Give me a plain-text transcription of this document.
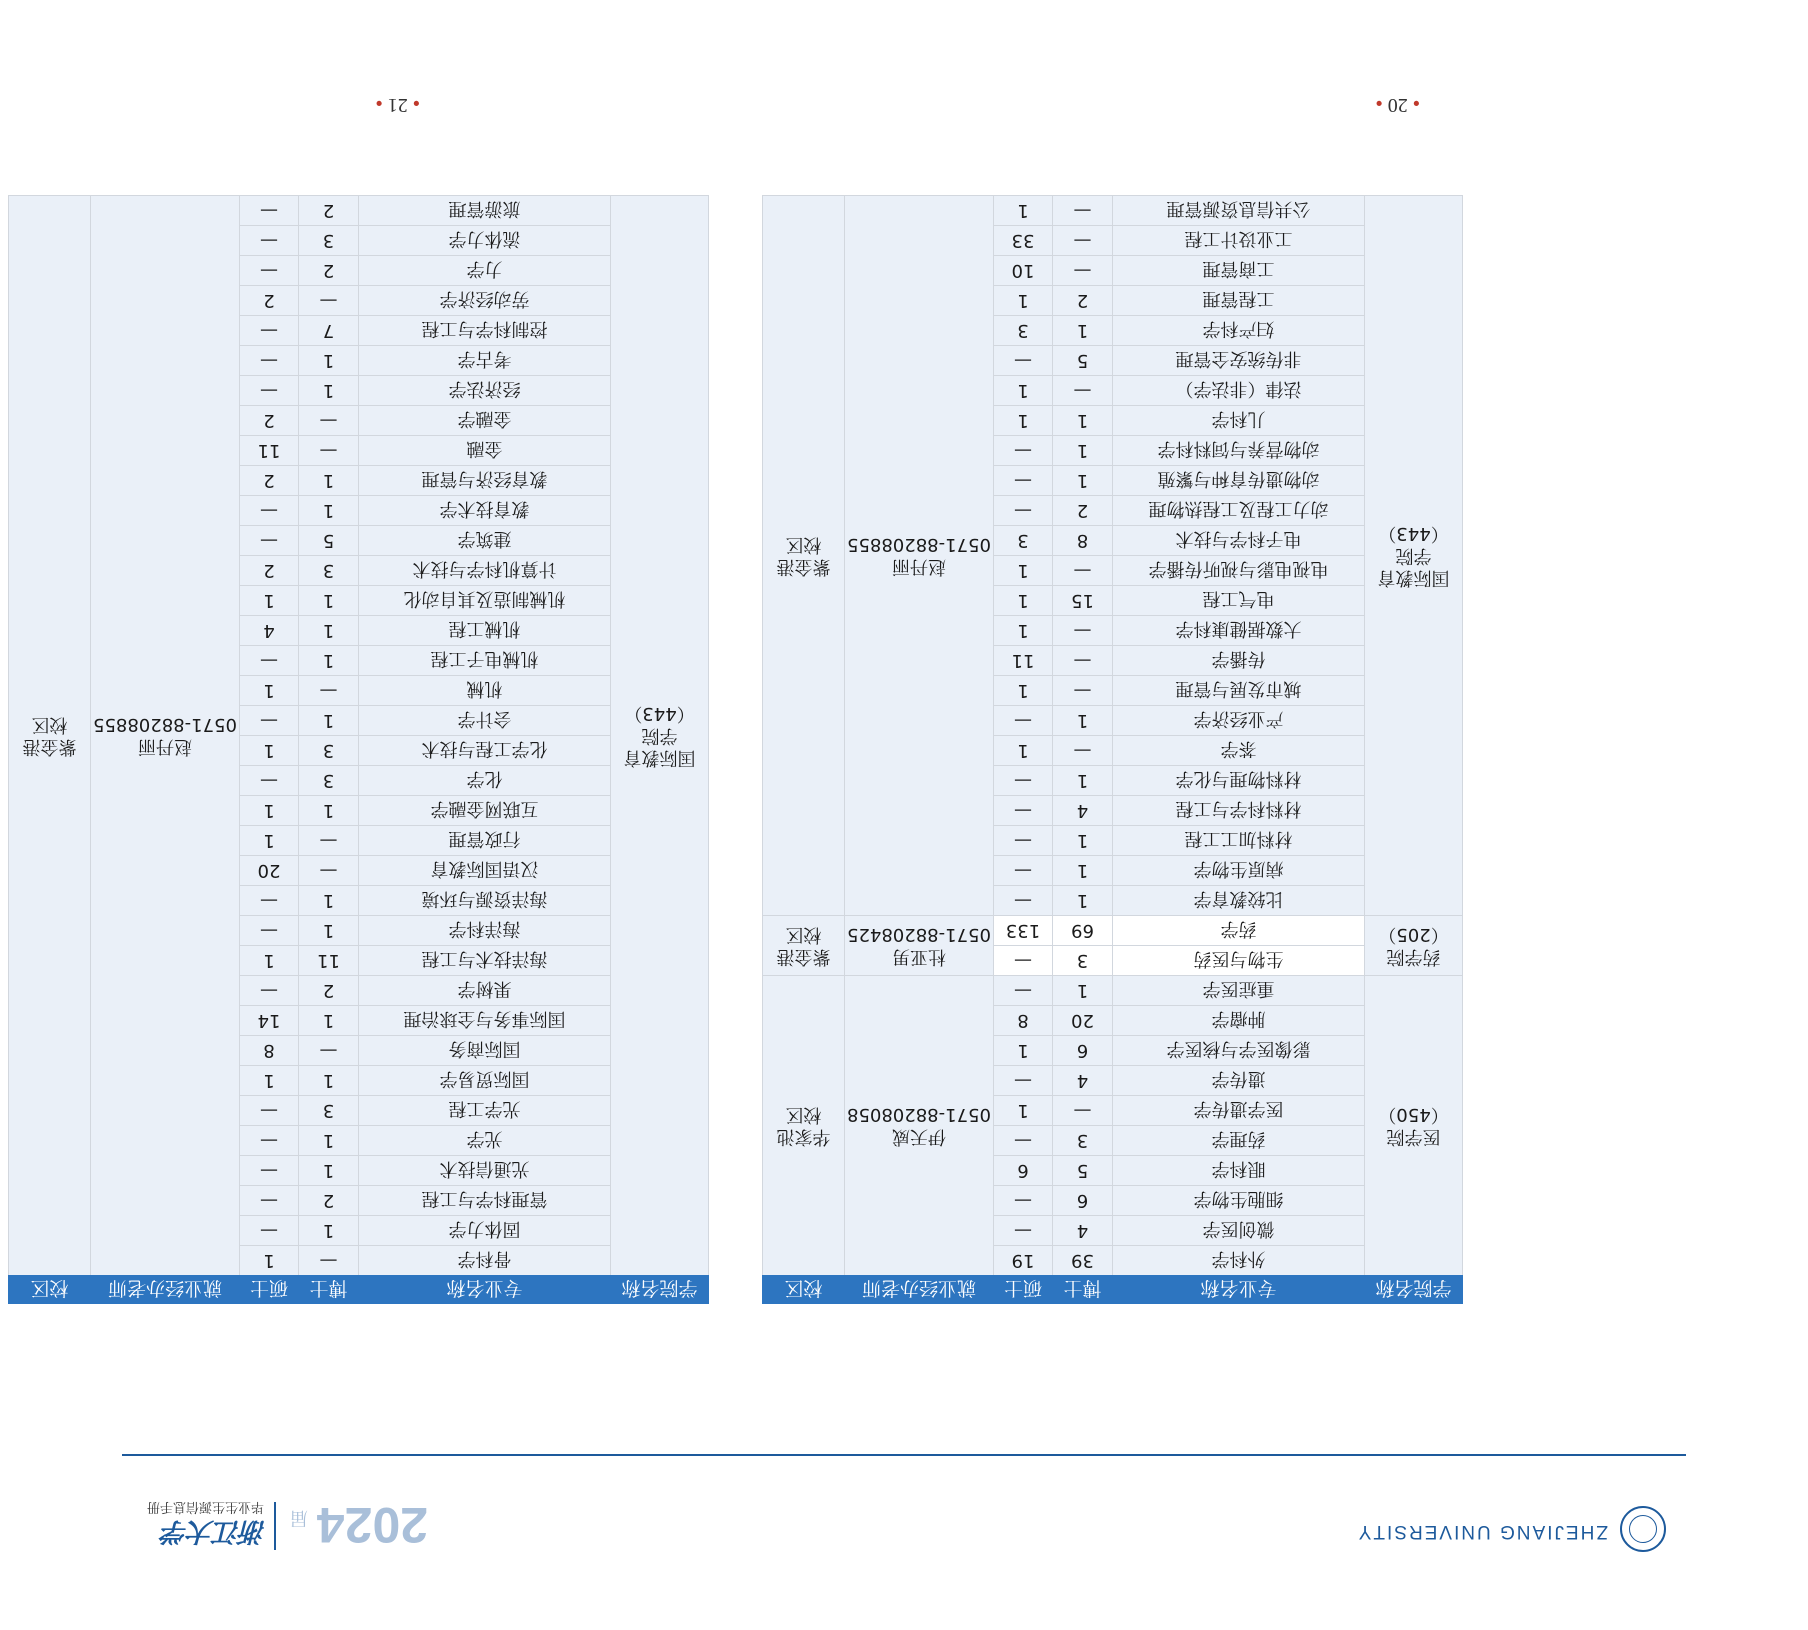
ZHEJIANG UNIVERSITY
2024
届
浙江大学
毕业生生源信息手册
● 20 ●
● 21 ●
学院名称	专业名称	博士	硕士	就业经办老师	校区
医学院（450）	外科学	39	19	伊天威
0571-88208058	华家池
校区
	微创医学	4	—		
	细胞生物学	6	—		
	眼科学	5	6		
	药理学	3	—		
	医学遗传学	—	1		
	遗传学	4	—		
	影像医学与核医学	6	1		
	肿瘤学	20	8		
	重症医学	1	—		
药学院
（205）	生物与医药	3	—	杜亚男
0571-88208425	紫金港
校区
	药学	69	133		
国际教育
学院
（443）	比较教育学	1	—	赵丹丽
0571-88208855	紫金港
校区
	病原生物学	1	—		
	材料加工工程	1	—		
	材料科学与工程	4	—		
	材料物理与化学	1	—		
	茶学	—	1		
	产业经济学	1	—		
	城市发展与管理	—	1		
	传播学	—	11		
	大数据健康科学	—	1		
	电气工程	15	1		
	电视电影与视听传播学	—	1		
	电子科学与技术	8	3		
	动力工程及工程热物理	2	—		
	动物遗传育种与繁殖	1	—		
	动物营养与饲料科学	1	—		
	儿科学	1	1		
	法律（非法学）	—	1		
	非传统安全管理	5	—		
	妇产科学	1	3		
	工程管理	2	1		
	工商管理	—	10		
	工业设计工程	—	33		
	公共信息资源管理	—	1		
学院名称	专业名称	博士	硕士	就业经办老师	校区
国际教育
学院
（443）	骨科学	—	1	赵丹丽
0571-88208855	紫金港
校区
	固体力学	1	—		
	管理科学与工程	2	—		
	光通信技术	1	—		
	光学	1	—		
	光学工程	3	—		
	国际贸易学	1	1		
	国际商务	—	8		
	国际事务与全球治理	1	14		
	果树学	2	—		
	海洋技术与工程	11	1		
	海洋科学	1	—		
	海洋资源与环境	1	—		
	汉语国际教育	—	20		
	行政管理	—	1		
	互联网金融学	1	1		
	化学	3	—		
	化学工程与技术	3	1		
	会计学	1	—		
	机械	—	1		
	机械电子工程	1	—		
	机械工程	1	4		
	机械制造及其自动化	1	1		
	计算机科学与技术	3	2		
	建筑学	5	—		
	教育技术学	1	—		
	教育经济与管理	1	2		
	金融	—	11		
	金融学	—	2		
	经济法学	1	—		
	考古学	1	—		
	控制科学与工程	7	—		
	劳动经济学	—	2		
	力学	2	—		
	流体力学	3	—		
	旅游管理	2	—		
